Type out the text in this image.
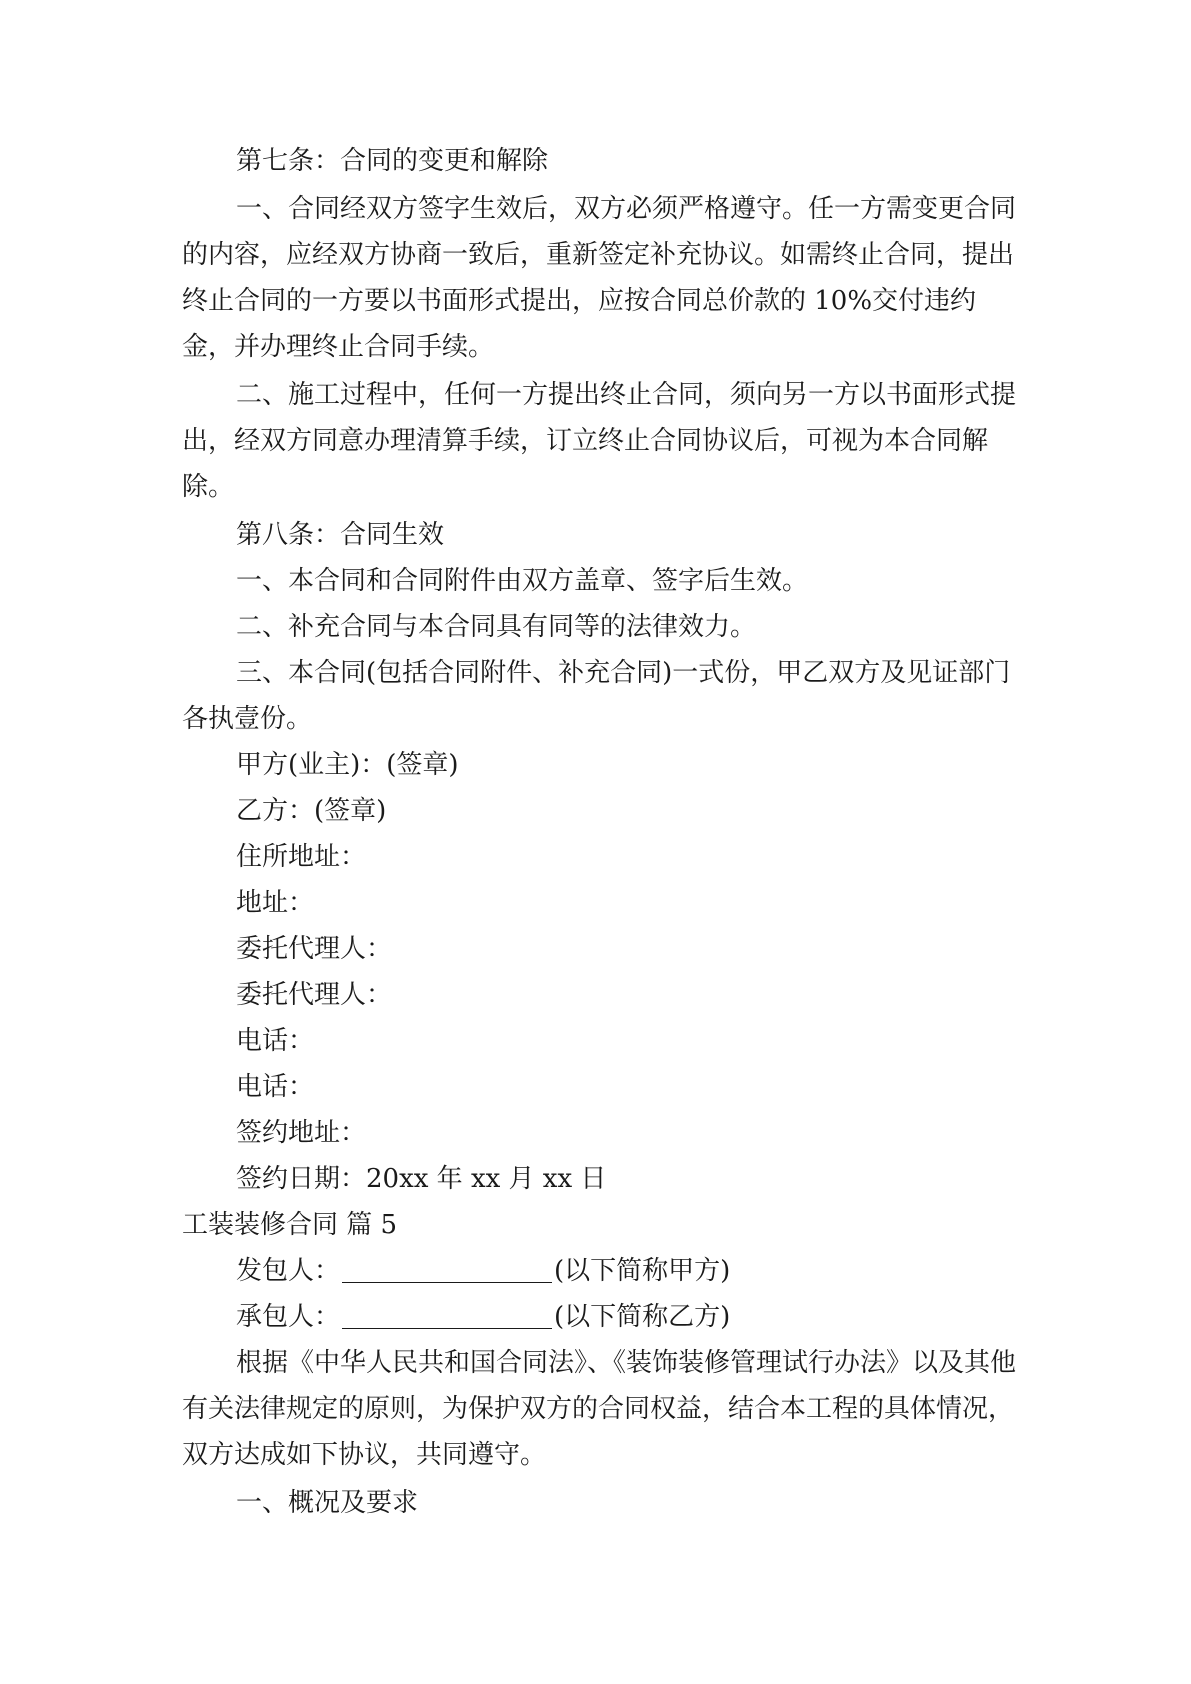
第七条：合同的变更和解除

一、合同经双方签字生效后，双方必须严格遵守。任一方需变更合同的内容，应经双方协商一致后，重新签定补充协议。如需终止合同，提出终止合同的一方要以书面形式提出，应按合同总价款的 10%交付违约金，并办理终止合同手续。

二、施工过程中，任何一方提出终止合同，须向另一方以书面形式提出，经双方同意办理清算手续，订立终止合同协议后，可视为本合同解除。

第八条：合同生效

一、本合同和合同附件由双方盖章、签字后生效。

二、补充合同与本合同具有同等的法律效力。

三、本合同(包括合同附件、补充合同)一式份，甲乙双方及见证部门各执壹份。

甲方(业主)：(签章)

乙方：(签章)

住所地址：

地址：

委托代理人：

委托代理人：

电话：

电话：

签约地址：

签约日期：20xx 年 xx 月 xx 日

工装装修合同 篇 5

发包人：	(以下简称甲方)

承包人：	(以下简称乙方)

根据《中华人民共和国合同法》、《装饰装修管理试行办法》以及其他有关法律规定的原则，为保护双方的合同权益，结合本工程的具体情况，双方达成如下协议，共同遵守。

一、概况及要求
